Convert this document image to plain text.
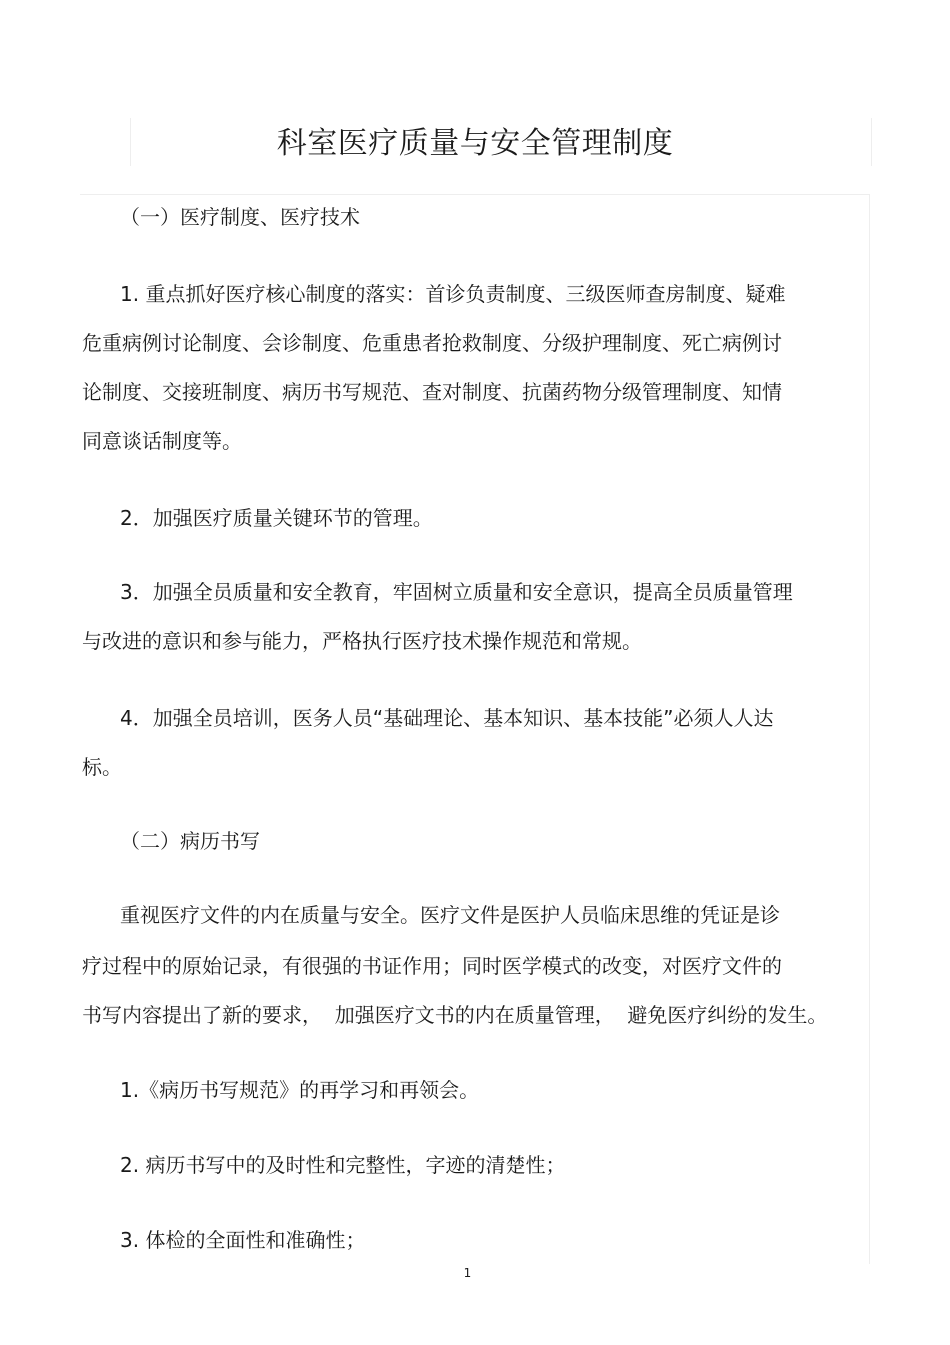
科室医疗质量与安全管理制度
（一）医疗制度、医疗技术
1. 重点抓好医疗核心制度的落实：首诊负责制度、三级医师查房制度、疑难
危重病例讨论制度、会诊制度、危重患者抢救制度、分级护理制度、死亡病例讨
论制度、交接班制度、病历书写规范、查对制度、抗菌药物分级管理制度、知情
同意谈话制度等。
2．加强医疗质量关键环节的管理。
3．加强全员质量和安全教育，牢固树立质量和安全意识，提高全员质量管理
与改进的意识和参与能力，严格执行医疗技术操作规范和常规。
4．加强全员培训，医务人员“基础理论、基本知识、基本技能”必须人人达
标。
（二）病历书写
重视医疗文件的内在质量与安全。医疗文件是医护人员临床思维的凭证是诊
疗过程中的原始记录，有很强的书证作用；同时医学模式的改变，对医疗文件的
书写内容提出了新的要求，  加强医疗文书的内在质量管理，  避免医疗纠纷的发生。
1.《病历书写规范》的再学习和再领会。
2. 病历书写中的及时性和完整性，字迹的清楚性；
3. 体检的全面性和准确性；
1
